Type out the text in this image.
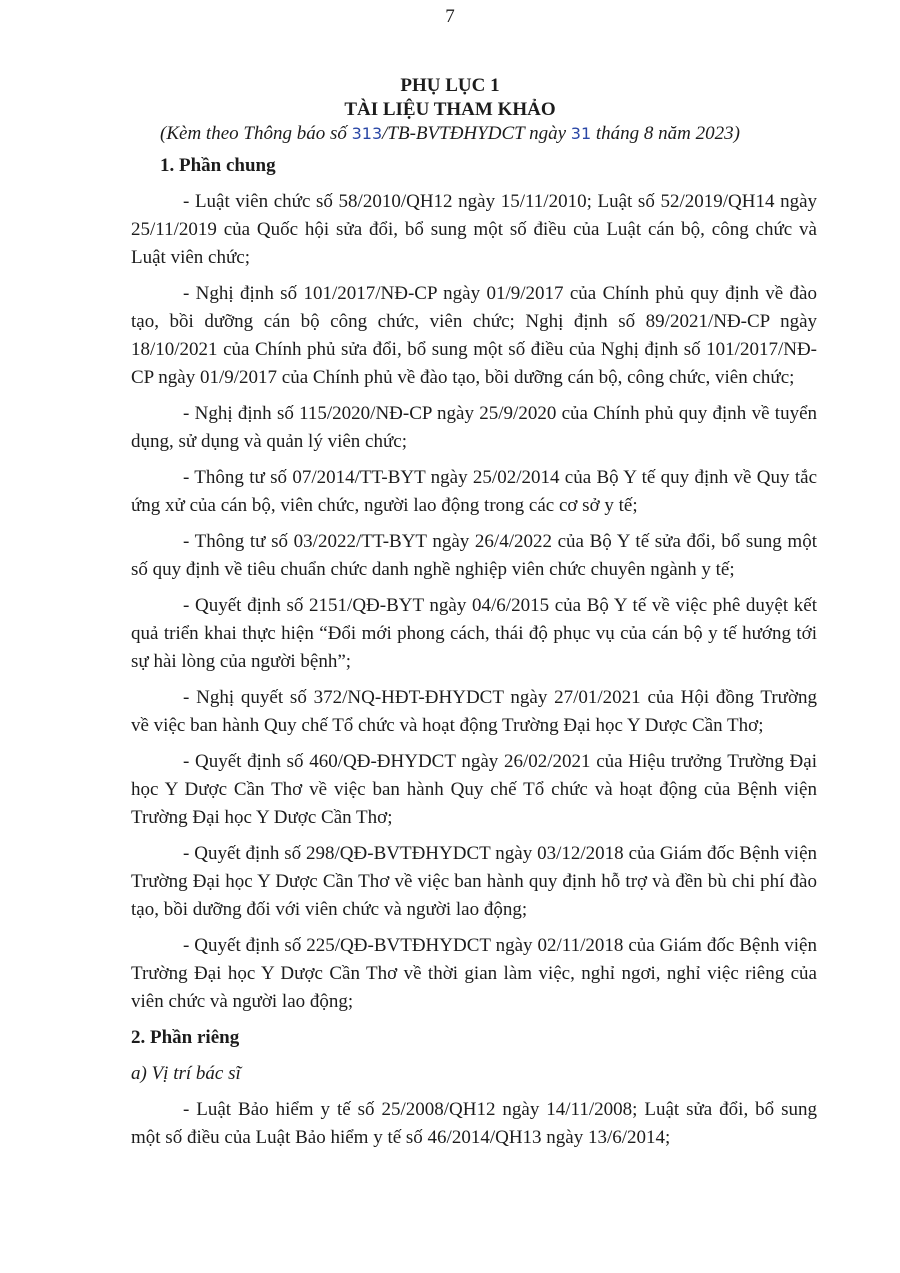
7
PHỤ LỤC 1
TÀI LIỆU THAM KHẢO
(Kèm theo Thông báo số 313/TB-BVTĐHYDCT ngày 31 tháng 8 năm 2023)
1. Phần chung

- Luật viên chức số 58/2010/QH12 ngày 15/11/2010; Luật số 52/2019/QH14 ngày 25/11/2019 của Quốc hội sửa đổi, bổ sung một số điều của Luật cán bộ, công chức và Luật viên chức;

- Nghị định số 101/2017/NĐ-CP ngày 01/9/2017 của Chính phủ quy định về đào tạo, bồi dưỡng cán bộ công chức, viên chức; Nghị định số 89/2021/NĐ-CP ngày 18/10/2021 của Chính phủ sửa đổi, bổ sung một số điều của Nghị định số 101/2017/NĐ-CP ngày 01/9/2017 của Chính phủ về đào tạo, bồi dưỡng cán bộ, công chức, viên chức;

- Nghị định số 115/2020/NĐ-CP ngày 25/9/2020 của Chính phủ quy định về tuyển dụng, sử dụng và quản lý viên chức;

- Thông tư số 07/2014/TT-BYT ngày 25/02/2014 của Bộ Y tế quy định về Quy tắc ứng xử của cán bộ, viên chức, người lao động trong các cơ sở y tế;

- Thông tư số 03/2022/TT-BYT ngày 26/4/2022 của Bộ Y tế sửa đổi, bổ sung một số quy định về tiêu chuẩn chức danh nghề nghiệp viên chức chuyên ngành y tế;

- Quyết định số 2151/QĐ-BYT ngày 04/6/2015 của Bộ Y tế về việc phê duyệt kết quả triển khai thực hiện “Đổi mới phong cách, thái độ phục vụ của cán bộ y tế hướng tới sự hài lòng của người bệnh”;

- Nghị quyết số 372/NQ-HĐT-ĐHYDCT ngày 27/01/2021 của Hội đồng Trường về việc ban hành Quy chế Tổ chức và hoạt động Trường Đại học Y Dược Cần Thơ;

- Quyết định số 460/QĐ-ĐHYDCT ngày 26/02/2021 của Hiệu trưởng Trường Đại học Y Dược Cần Thơ về việc ban hành Quy chế Tổ chức và hoạt động của Bệnh viện Trường Đại học Y Dược Cần Thơ;

- Quyết định số 298/QĐ-BVTĐHYDCT ngày 03/12/2018 của Giám đốc Bệnh viện Trường Đại học Y Dược Cần Thơ về việc ban hành quy định hỗ trợ và đền bù chi phí đào tạo, bồi dưỡng đối với viên chức và người lao động;

- Quyết định số 225/QĐ-BVTĐHYDCT ngày 02/11/2018 của Giám đốc Bệnh viện Trường Đại học Y Dược Cần Thơ về thời gian làm việc, nghỉ ngơi, nghỉ việc riêng của viên chức và người lao động;

2. Phần riêng
a) Vị trí bác sĩ

- Luật Bảo hiểm y tế số 25/2008/QH12 ngày 14/11/2008; Luật sửa đổi, bổ sung một số điều của Luật Bảo hiểm y tế số 46/2014/QH13 ngày 13/6/2014;
